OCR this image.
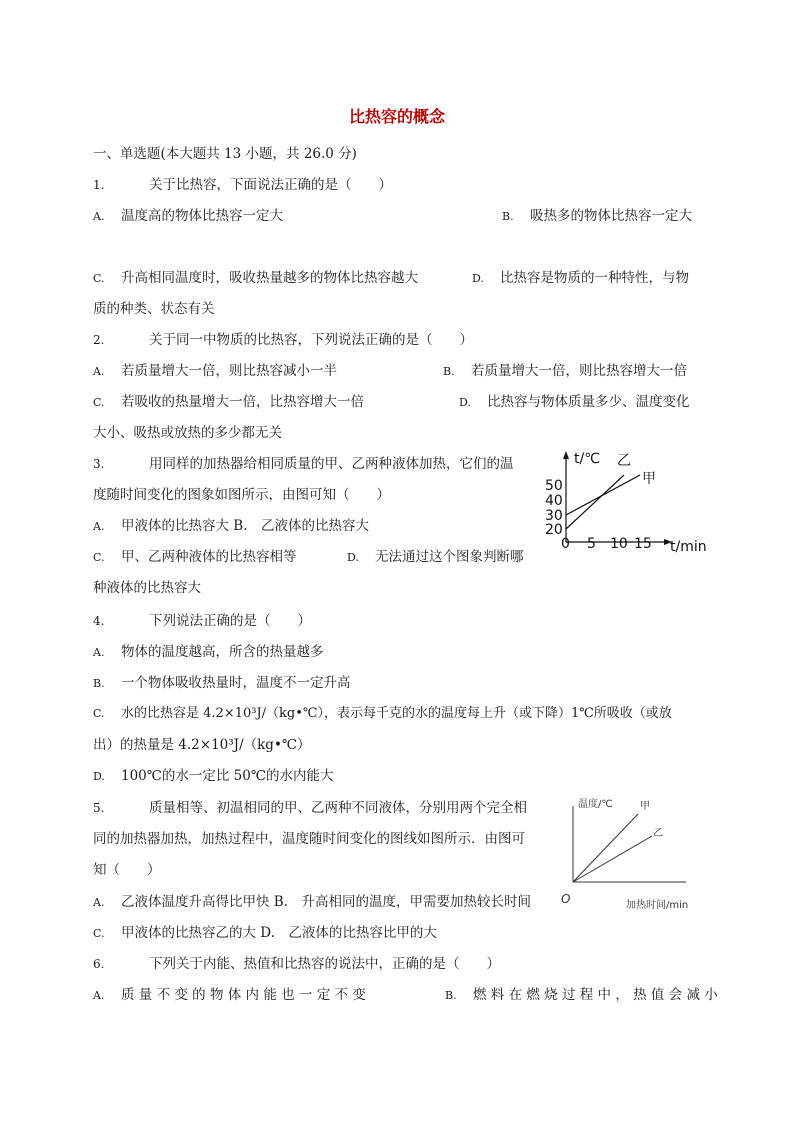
比热容的概念
一、单选题(本大题共 13 小题，共 26.0 分)
1.	关于比热容，下面说法正确的是（　　）
A. 温度高的物体比热容一定大	B. 吸热多的物体比热容一定大
C. 升高相同温度时，吸收热量越多的物体比热容越大	D. 比热容是物质的一种特性，与物
质的种类、状态有关
2.	关于同一中物质的比热容，下列说法正确的是（　　）
A. 若质量增大一倍，则比热容减小一半	B. 若质量增大一倍，则比热容增大一倍
C. 若吸收的热量增大一倍，比热容增大一倍	D. 比热容与物体质量多少、温度变化
大小、吸热或放热的多少都无关
3.	用同样的加热器给相同质量的甲、乙两种液体加热，它们的温
度随时间变化的图象如图所示，由图可知（　　）
A. 甲液体的比热容大 B.　乙液体的比热容大
C. 甲、乙两种液体的比热容相等	D. 无法通过这个图象判断哪
种液体的比热容大
t/℃
t/min
20
30
40
50
0 5 10 15
甲
乙
4.	下列说法正确的是（　　）
A. 物体的温度越高，所含的热量越多
B. 一个物体吸收热量时，温度不一定升高
C. 水的比热容是 4.2×10³J/（kg•℃），表示每千克的水的温度每上升（或下降）1℃所吸收（或放
出）的热量是 4.2×10³J/（kg•℃）
D. 100℃的水一定比 50℃的水内能大
5.	质量相等、初温相同的甲、乙两种不同液体，分别用两个完全相
同的加热器加热，加热过程中，温度随时间变化的图线如图所示．由图可
知（　　）
A. 乙液体温度升高得比甲快 B.　升高相同的温度，甲需要加热较长时间
C. 甲液体的比热容乙的大 D.　乙液体的比热容比甲的大
温度/℃
加热时间/min
O
甲
乙
6.	下列关于内能、热值和比热容的说法中，正确的是（　　）
A. 质 量 不 变 的 物 体 内 能 也 一 定 不 变	B. 燃 料 在 燃 烧 过 程 中 ， 热 值 会 减 小
